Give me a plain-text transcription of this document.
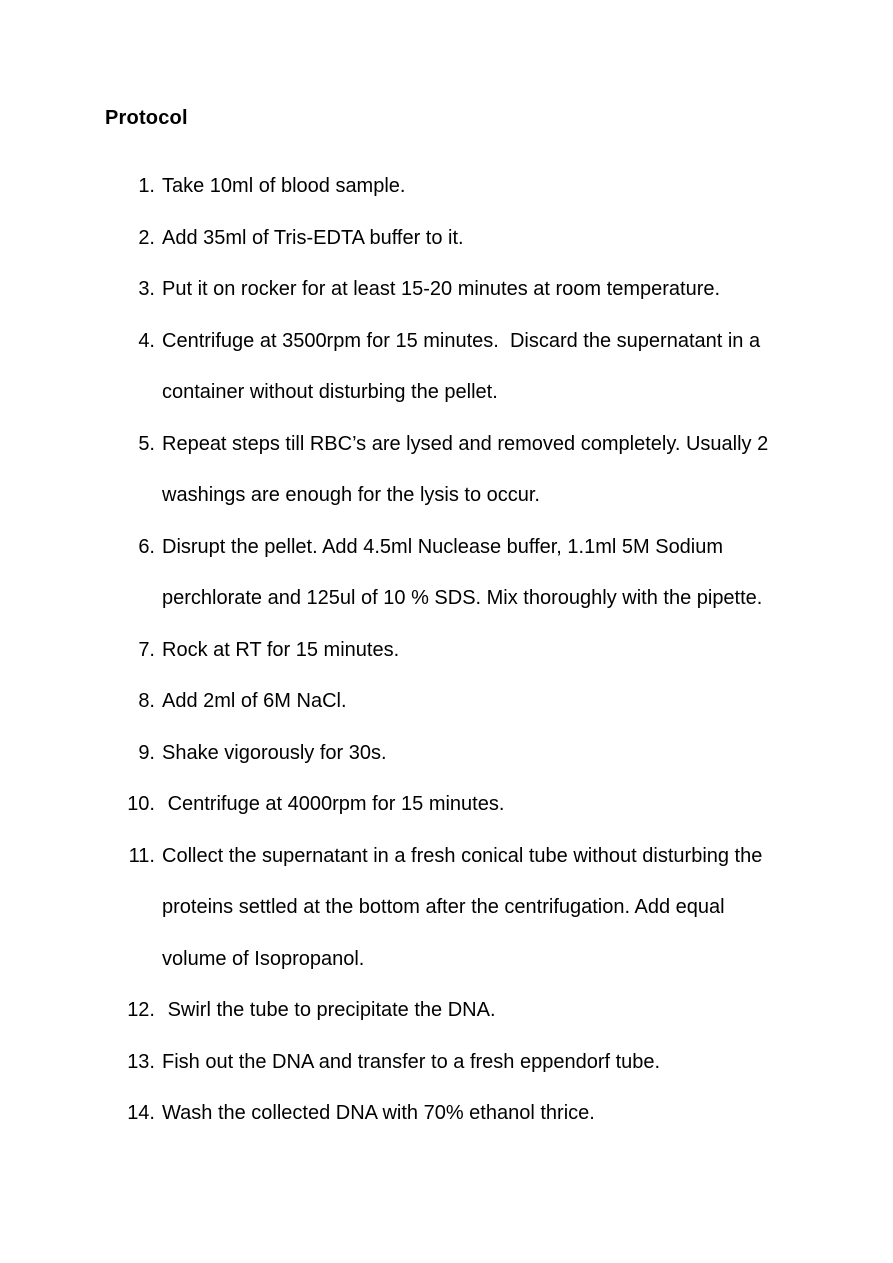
Protocol
1. Take 10ml of blood sample.
2. Add 35ml of Tris-EDTA buffer to it.
3. Put it on rocker for at least 15-20 minutes at room temperature.
4. Centrifuge at 3500rpm for 15 minutes.  Discard the supernatant in a
container without disturbing the pellet.
5. Repeat steps till RBC’s are lysed and removed completely. Usually 2
washings are enough for the lysis to occur.
6. Disrupt the pellet. Add 4.5ml Nuclease buffer, 1.1ml 5M Sodium
perchlorate and 125ul of 10 % SDS. Mix thoroughly with the pipette.
7. Rock at RT for 15 minutes.
8. Add 2ml of 6M NaCl.
9. Shake vigorously for 30s.
10. Centrifuge at 4000rpm for 15 minutes.
11. Collect the supernatant in a fresh conical tube without disturbing the
proteins settled at the bottom after the centrifugation. Add equal
volume of Isopropanol.
12. Swirl the tube to precipitate the DNA.
13. Fish out the DNA and transfer to a fresh eppendorf tube.
14. Wash the collected DNA with 70% ethanol thrice.
